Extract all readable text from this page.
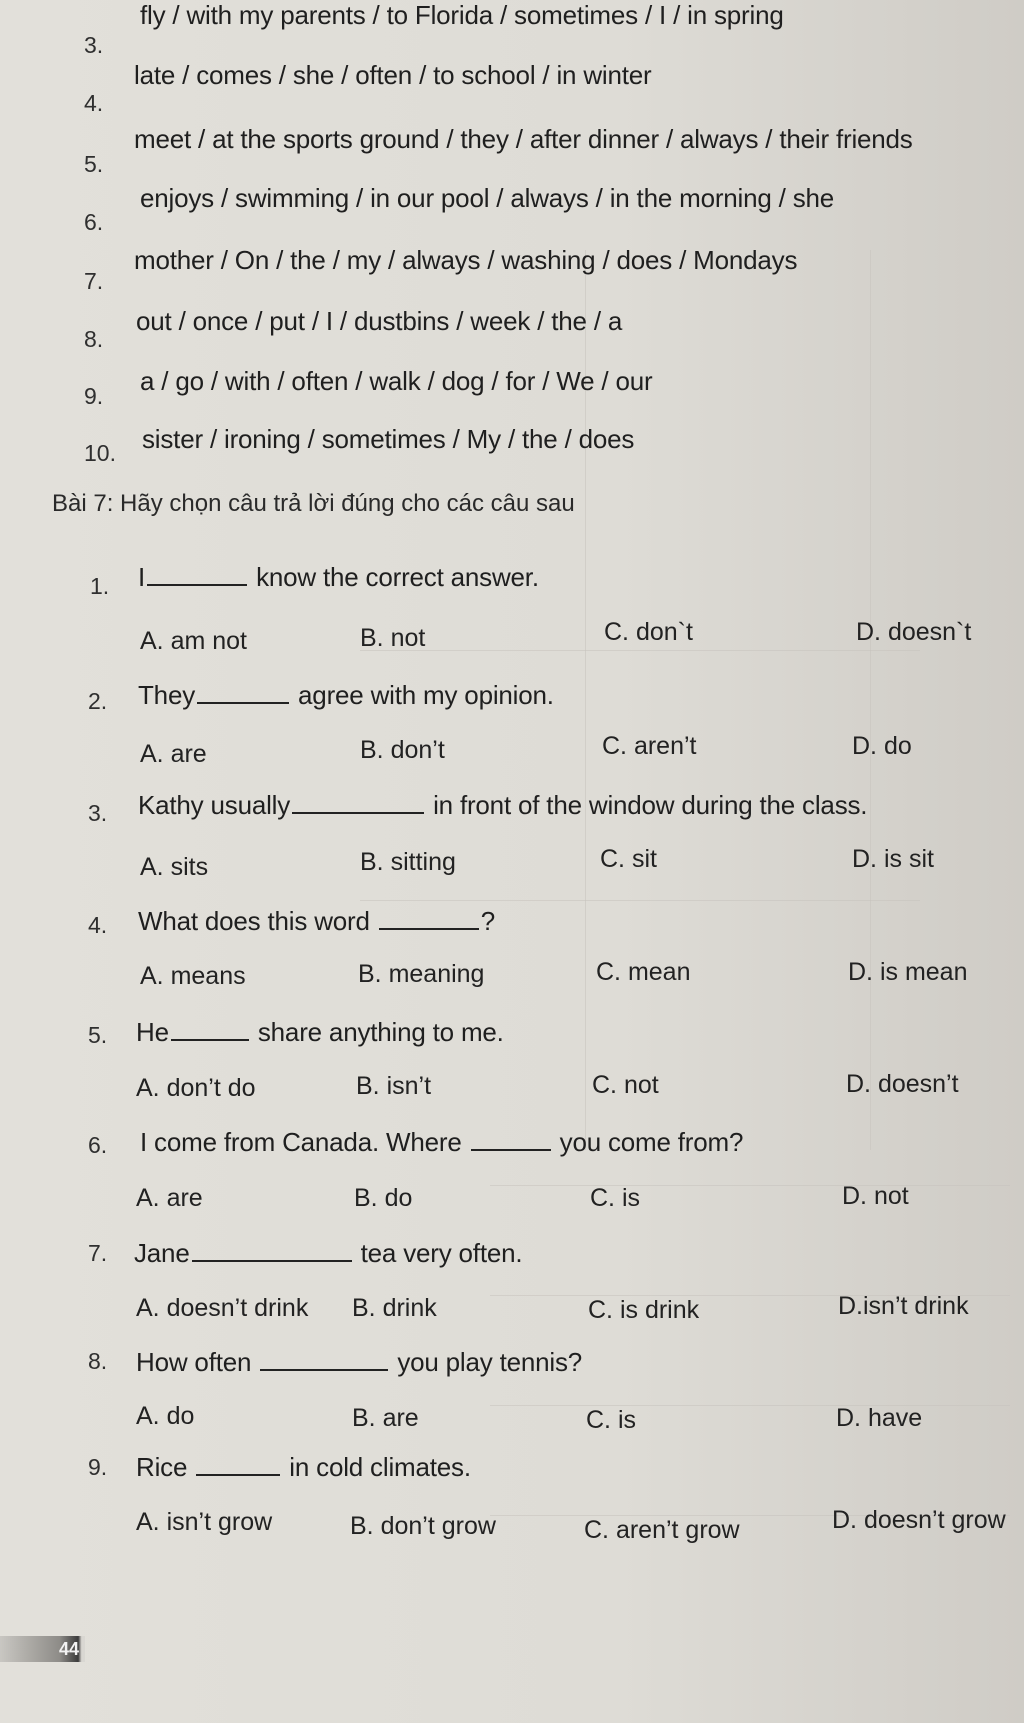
3.
fly / with my parents / to Florida / sometimes / I / in spring
4.
late / comes / she / often / to school / in winter
5.
meet / at the sports ground / they / after dinner / always / their friends
6.
enjoys / swimming / in our pool / always / in the morning / she
7.
mother / On / the / my / always / washing / does / Mondays
8.
out / once / put / I / dustbins / week / the / a
9.	a / go / with / often / walk / dog / for / We / our
10.	sister / ironing / sometimes / My / the / does
Bài 7: Hãy chọn câu trả lời đúng cho các câu sau
1.	I	know the correct answer.
A. am not	B. not	C. don`t	D. doesn`t
2.	They	agree with my opinion.
A. are	B. don’t	C. aren’t	D. do
3.	Kathy usually	in front of the window during the class.
A. sits	B. sitting	C. sit	D. is sit
4.	What does this word	?
A. means	B. meaning	C. mean	D. is mean
5.	He	share anything to me.
A. don’t do	B. isn’t	C. not	D. doesn’t
6.	I come from Canada. Where	you come from?
A. are	B. do	C. is	D. not
7.	Jane	tea very often.
A. doesn’t drink B. drink	C. is drink	D.isn’t drink
8.	How often	you play tennis?
A. do	B. are	C. is	D. have
9.	Rice	in cold climates.
A. isn’t grow	B. don’t grow	C. aren’t grow	D. doesn’t grow
44
